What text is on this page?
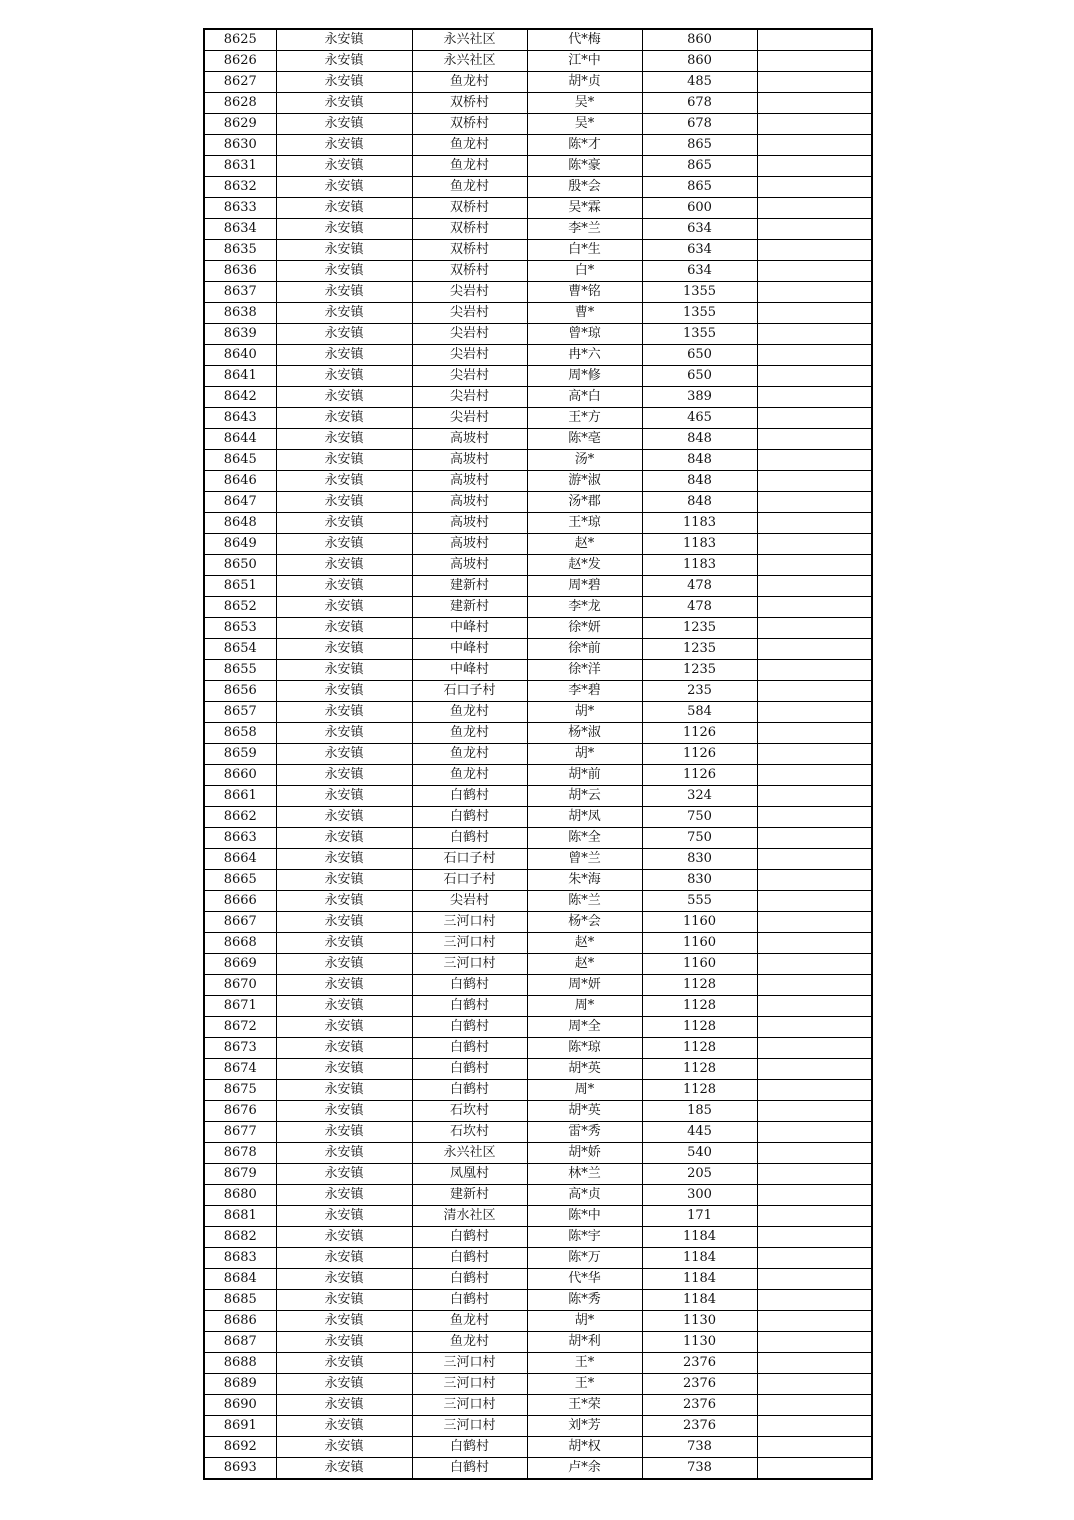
8625	永安镇	永兴社区	代*梅	860	
8626	永安镇	永兴社区	江*中	860	
8627	永安镇	鱼龙村	胡*贞	485	
8628	永安镇	双桥村	吴*	678	
8629	永安镇	双桥村	吴*	678	
8630	永安镇	鱼龙村	陈*才	865	
8631	永安镇	鱼龙村	陈*豪	865	
8632	永安镇	鱼龙村	殷*会	865	
8633	永安镇	双桥村	吴*霖	600	
8634	永安镇	双桥村	李*兰	634	
8635	永安镇	双桥村	白*生	634	
8636	永安镇	双桥村	白*	634	
8637	永安镇	尖岩村	曹*铭	1355	
8638	永安镇	尖岩村	曹*	1355	
8639	永安镇	尖岩村	曾*琼	1355	
8640	永安镇	尖岩村	冉*六	650	
8641	永安镇	尖岩村	周*修	650	
8642	永安镇	尖岩村	高*白	389	
8643	永安镇	尖岩村	王*方	465	
8644	永安镇	高坡村	陈*亳	848	
8645	永安镇	高坡村	汤*	848	
8646	永安镇	高坡村	游*淑	848	
8647	永安镇	高坡村	汤*郡	848	
8648	永安镇	高坡村	王*琼	1183	
8649	永安镇	高坡村	赵*	1183	
8650	永安镇	高坡村	赵*发	1183	
8651	永安镇	建新村	周*碧	478	
8652	永安镇	建新村	李*龙	478	
8653	永安镇	中峰村	徐*妍	1235	
8654	永安镇	中峰村	徐*前	1235	
8655	永安镇	中峰村	徐*洋	1235	
8656	永安镇	石口子村	李*碧	235	
8657	永安镇	鱼龙村	胡*	584	
8658	永安镇	鱼龙村	杨*淑	1126	
8659	永安镇	鱼龙村	胡*	1126	
8660	永安镇	鱼龙村	胡*前	1126	
8661	永安镇	白鹤村	胡*云	324	
8662	永安镇	白鹤村	胡*凤	750	
8663	永安镇	白鹤村	陈*全	750	
8664	永安镇	石口子村	曾*兰	830	
8665	永安镇	石口子村	朱*海	830	
8666	永安镇	尖岩村	陈*兰	555	
8667	永安镇	三河口村	杨*会	1160	
8668	永安镇	三河口村	赵*	1160	
8669	永安镇	三河口村	赵*	1160	
8670	永安镇	白鹤村	周*妍	1128	
8671	永安镇	白鹤村	周*	1128	
8672	永安镇	白鹤村	周*全	1128	
8673	永安镇	白鹤村	陈*琼	1128	
8674	永安镇	白鹤村	胡*英	1128	
8675	永安镇	白鹤村	周*	1128	
8676	永安镇	石坎村	胡*英	185	
8677	永安镇	石坎村	雷*秀	445	
8678	永安镇	永兴社区	胡*娇	540	
8679	永安镇	凤凰村	林*兰	205	
8680	永安镇	建新村	高*贞	300	
8681	永安镇	清水社区	陈*中	171	
8682	永安镇	白鹤村	陈*宇	1184	
8683	永安镇	白鹤村	陈*万	1184	
8684	永安镇	白鹤村	代*华	1184	
8685	永安镇	白鹤村	陈*秀	1184	
8686	永安镇	鱼龙村	胡*	1130	
8687	永安镇	鱼龙村	胡*利	1130	
8688	永安镇	三河口村	王*	2376	
8689	永安镇	三河口村	王*	2376	
8690	永安镇	三河口村	王*荣	2376	
8691	永安镇	三河口村	刘*芳	2376	
8692	永安镇	白鹤村	胡*权	738	
8693	永安镇	白鹤村	卢*余	738	
